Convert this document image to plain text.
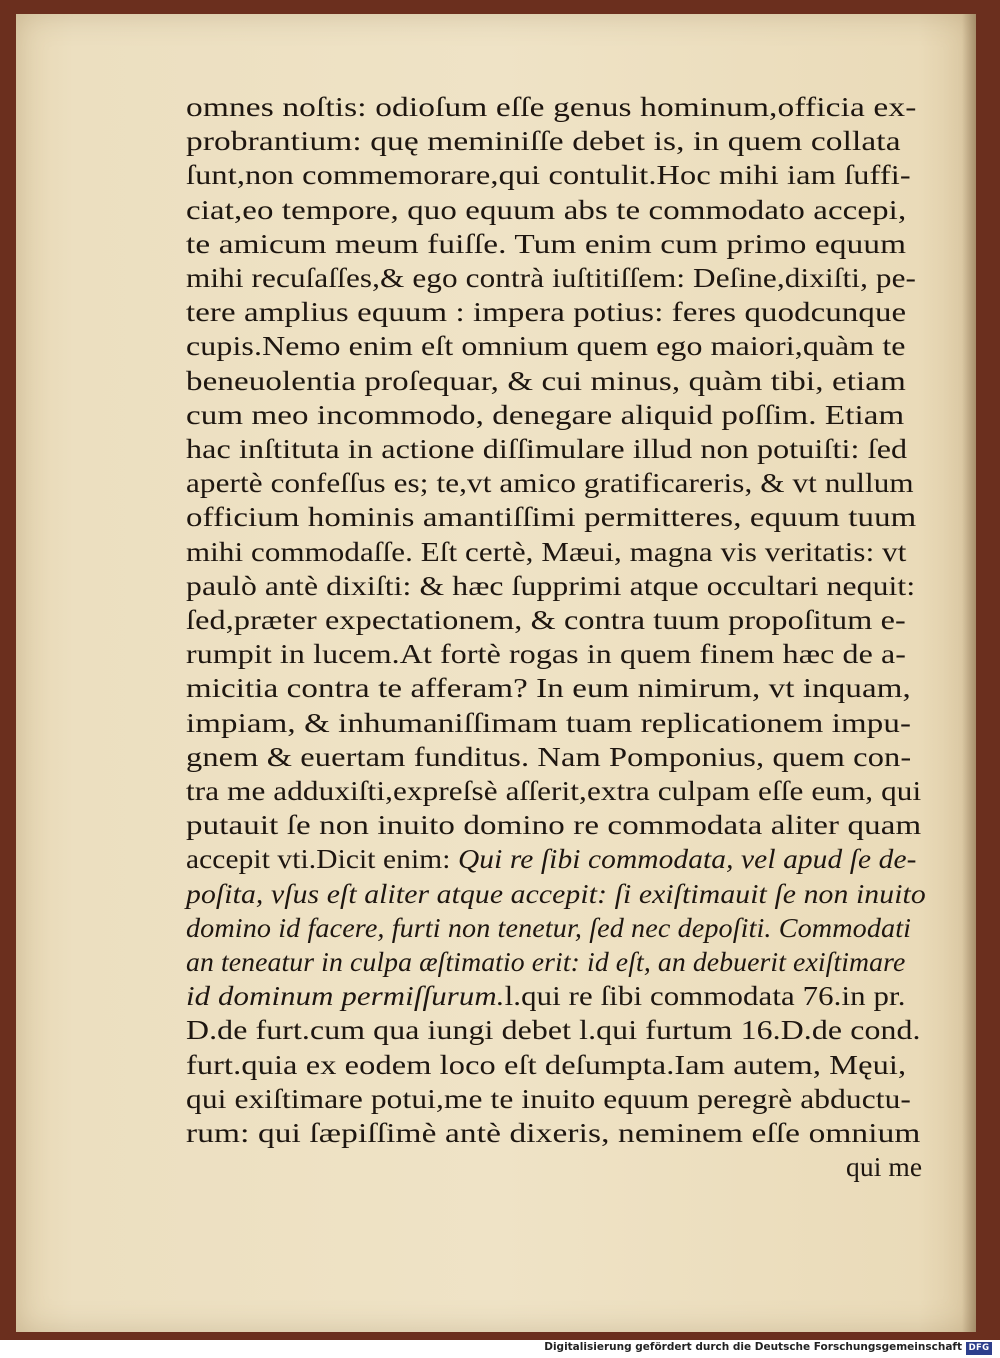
omnes noſtis: odioſum eſſe genus hominum,officia ex-
probrantium: quę meminiſſe debet is, in quem collata
ſunt,non commemorare,qui contulit.Hoc mihi iam ſuffi-
ciat,eo tempore, quo equum abs te commodato accepi,
te amicum meum fuiſſe. Tum enim cum primo equum
mihi recuſaſſes,& ego contrà iuſtitiſſem: Deſine,dixiſti, pe-
tere amplius equum : impera potius: feres quodcunque
cupis.Nemo enim eſt omnium quem ego maiori,quàm te
beneuolentia proſequar, & cui minus, quàm tibi, etiam
cum meo incommodo, denegare aliquid poſſim. Etiam
hac inſtituta in actione diſſimulare illud non potuiſti: ſed
apertè confeſſus es; te,vt amico gratificareris, & vt nullum
officium hominis amantiſſimi permitteres, equum tuum
mihi commodaſſe. Eſt certè, Mæui, magna vis veritatis: vt
paulò antè dixiſti: & hæc ſupprimi atque occultari nequit:
ſed,præter expectationem, & contra tuum propoſitum e-
rumpit in lucem.At fortè rogas in quem finem hæc de a-
micitia contra te afferam? In eum nimirum, vt inquam,
impiam, & inhumaniſſimam tuam replicationem impu-
gnem & euertam funditus. Nam Pomponius, quem con-
tra me adduxiſti,expreſsè aſſerit,extra culpam eſſe eum, qui
putauit ſe non inuito domino re commodata aliter quam
accepit vti.Dicit enim: Qui re ſibi commodata, vel apud ſe de-
poſita, vſus eſt aliter atque accepit: ſi exiſtimauit ſe non inuito
domino id facere, furti non tenetur, ſed nec depoſiti. Commodati
an teneatur in culpa æſtimatio erit: id eſt, an debuerit exiſtimare
id dominum permiſſurum.l.qui re ſibi commodata 76.in pr.
D.de furt.cum qua iungi debet l.qui furtum 16.D.de cond.
furt.quia ex eodem loco eſt deſumpta.Iam autem, Męui,
qui exiſtimare potui,me te inuito equum peregrè abductu-
rum: qui ſæpiſſimè antè dixeris, neminem eſſe omnium
qui me
Digitalisierung gefördert durch die Deutsche Forschungsgemeinschaft DFG
